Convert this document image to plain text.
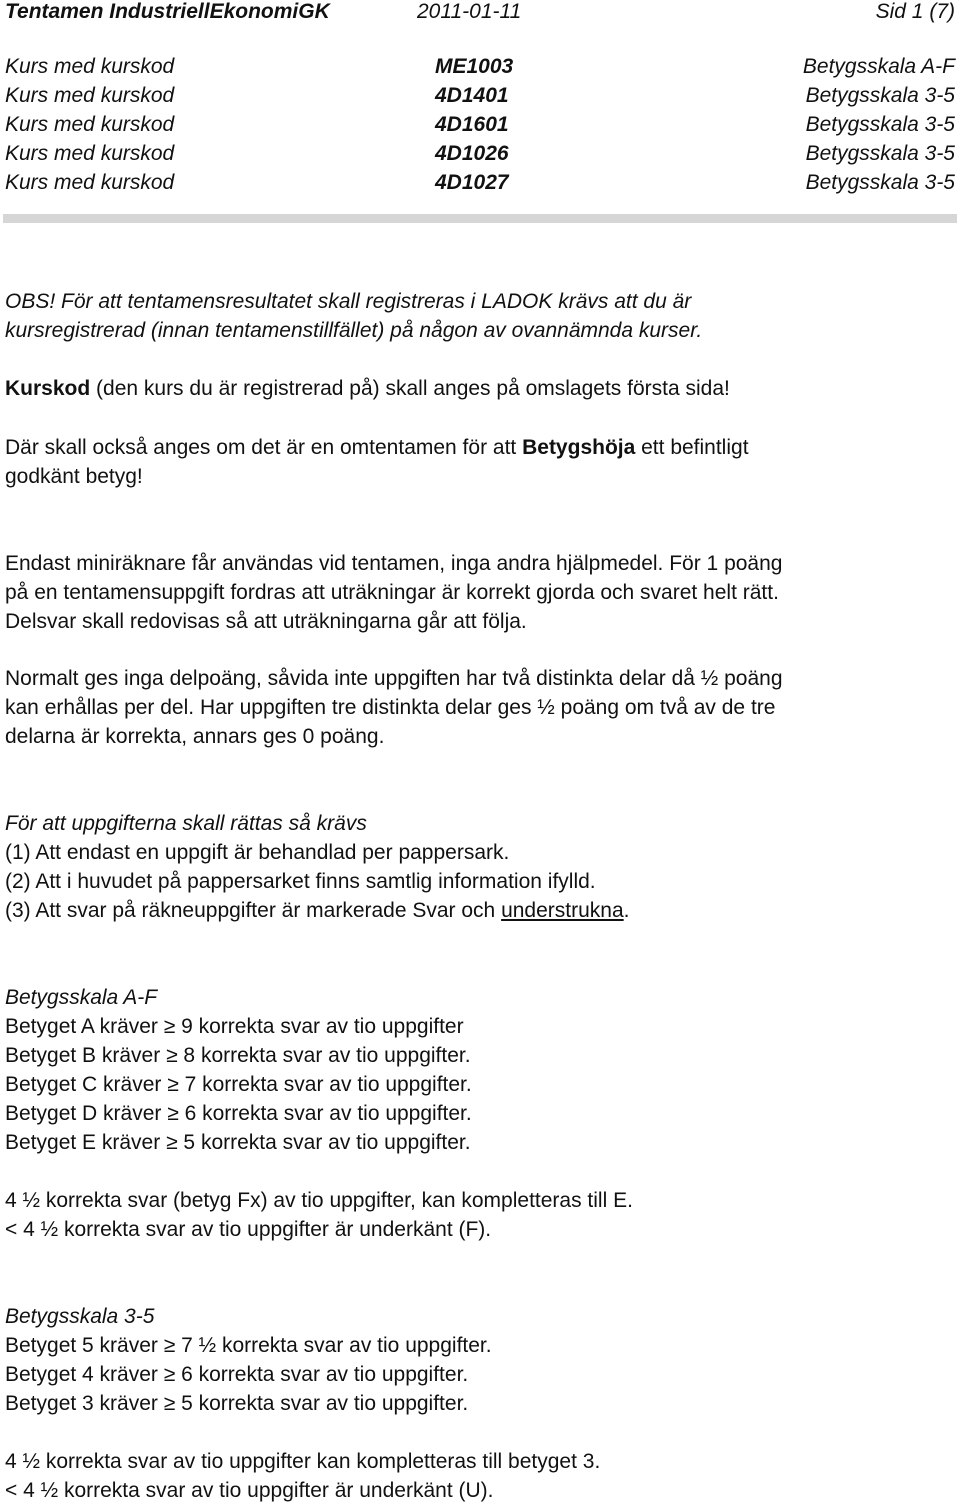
Tentamen IndustriellEkonomiGK	2011-01-11	Sid 1 (7)
Kurs med kurskod	ME1003	Betygsskala A-F
Kurs med kurskod	4D1401	Betygsskala 3-5
Kurs med kurskod	4D1601	Betygsskala 3-5
Kurs med kurskod	4D1026	Betygsskala 3-5
Kurs med kurskod	4D1027	Betygsskala 3-5
OBS! För att tentamensresultatet skall registreras i LADOK krävs att du är
kursregistrerad (innan tentamenstillfället) på någon av ovannämnda kurser.
Kurskod (den kurs du är registrerad på) skall anges på omslagets första sida!
Där skall också anges om det är en omtentamen för att Betygshöja ett befintligt
godkänt betyg!
Endast miniräknare får användas vid tentamen, inga andra hjälpmedel. För 1 poäng
på en tentamensuppgift fordras att uträkningar är korrekt gjorda och svaret helt rätt.
Delsvar skall redovisas så att uträkningarna går att följa.
Normalt ges inga delpoäng, såvida inte uppgiften har två distinkta delar då ½ poäng
kan erhållas per del. Har uppgiften tre distinkta delar ges ½ poäng om två av de tre
delarna är korrekta, annars ges 0 poäng.
För att uppgifterna skall rättas så krävs
(1) Att endast en uppgift är behandlad per pappersark.
(2) Att i huvudet på pappersarket finns samtlig information ifylld.
(3) Att svar på räkneuppgifter är markerade Svar och understrukna.
Betygsskala A-F
Betyget A kräver ≥ 9 korrekta svar av tio uppgifter
Betyget B kräver ≥ 8 korrekta svar av tio uppgifter.
Betyget C kräver ≥ 7 korrekta svar av tio uppgifter.
Betyget D kräver ≥ 6 korrekta svar av tio uppgifter.
Betyget E kräver ≥ 5 korrekta svar av tio uppgifter.
4 ½ korrekta svar (betyg Fx) av tio uppgifter, kan kompletteras till E.
< 4 ½ korrekta svar av tio uppgifter är underkänt (F).
Betygsskala 3-5
Betyget 5 kräver ≥ 7 ½ korrekta svar av tio uppgifter.
Betyget 4 kräver ≥ 6 korrekta svar av tio uppgifter.
Betyget 3 kräver ≥ 5 korrekta svar av tio uppgifter.
4 ½ korrekta svar av tio uppgifter kan kompletteras till betyget 3.
< 4 ½ korrekta svar av tio uppgifter är underkänt (U).
